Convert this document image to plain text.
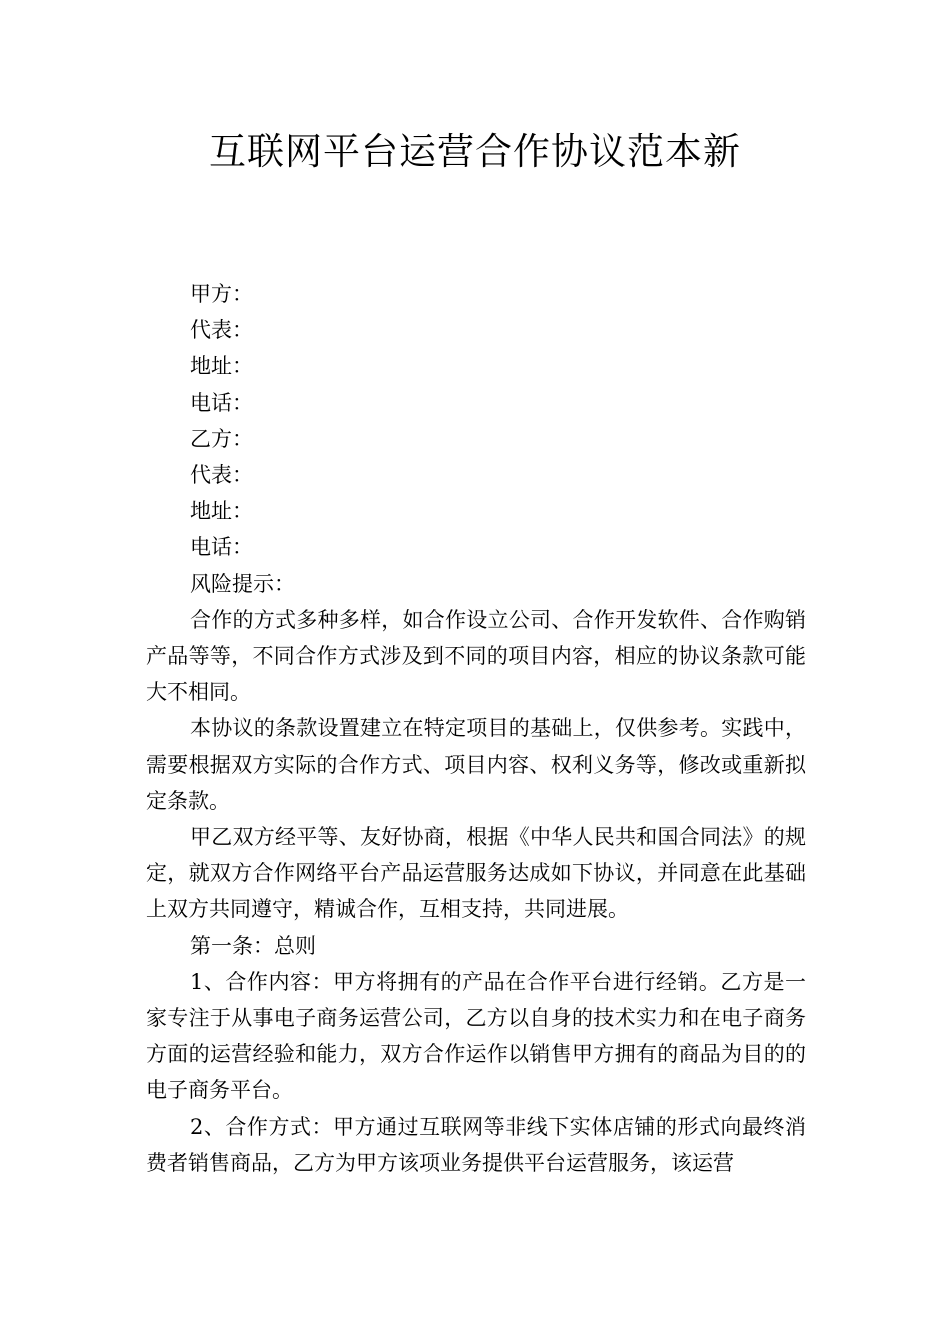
互联网平台运营合作协议范本新

甲方：

代表：

地址：

电话：

乙方：

代表：

地址：

电话：

风险提示：

合作的方式多种多样，如合作设立公司、合作开发软件、合作购销产品等等，不同合作方式涉及到不同的项目内容，相应的协议条款可能大不相同。

本协议的条款设置建立在特定项目的基础上，仅供参考。实践中，需要根据双方实际的合作方式、项目内容、权利义务等，修改或重新拟定条款。

甲乙双方经平等、友好协商，根据《中华人民共和国合同法》的规定，就双方合作网络平台产品运营服务达成如下协议，并同意在此基础上双方共同遵守，精诚合作，互相支持，共同进展。

第一条：总则

1、合作内容：甲方将拥有的产品在合作平台进行经销。乙方是一家专注于从事电子商务运营公司，乙方以自身的技术实力和在电子商务方面的运营经验和能力，双方合作运作以销售甲方拥有的商品为目的的电子商务平台。

2、合作方式：甲方通过互联网等非线下实体店铺的形式向最终消费者销售商品，乙方为甲方该项业务提供平台运营服务，该运营
